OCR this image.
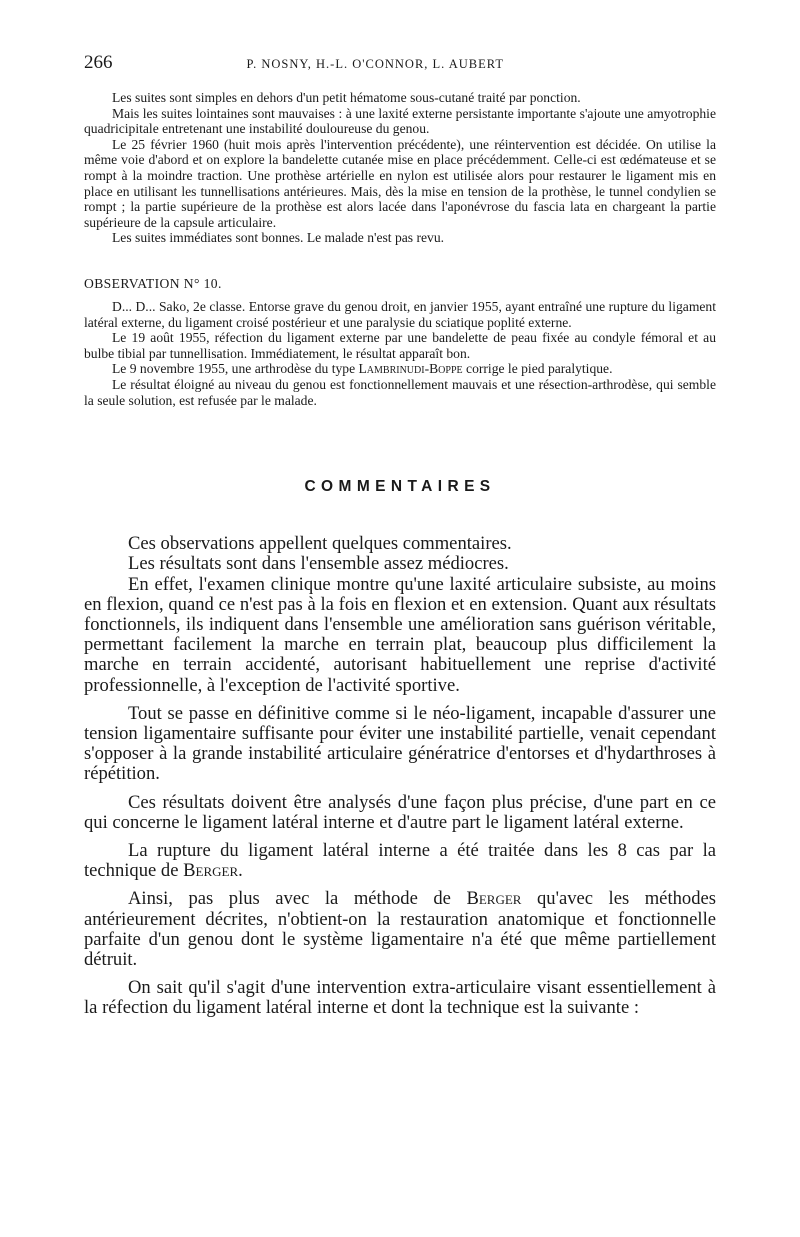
266	P. NOSNY, H.-L. O'CONNOR, L. AUBERT

Les suites sont simples en dehors d'un petit hématome sous-cutané traité par ponction.

Mais les suites lointaines sont mauvaises : à une laxité externe persistante importante s'ajoute une amyotrophie quadricipitale entretenant une instabilité douloureuse du genou.

Le 25 février 1960 (huit mois après l'intervention précédente), une réintervention est décidée. On utilise la même voie d'abord et on explore la bandelette cutanée mise en place précédemment. Celle-ci est œdémateuse et se rompt à la moindre traction. Une prothèse artérielle en nylon est utilisée alors pour restaurer le ligament mis en place en utilisant les tunnellisations antérieures. Mais, dès la mise en tension de la prothèse, le tunnel condylien se rompt ; la partie supérieure de la prothèse est alors lacée dans l'aponévrose du fascia lata en chargeant la partie supérieure de la capsule articulaire.

Les suites immédiates sont bonnes. Le malade n'est pas revu.

OBSERVATION N° 10.

D... D... Sako, 2e classe. Entorse grave du genou droit, en janvier 1955, ayant entraîné une rupture du ligament latéral externe, du ligament croisé postérieur et une paralysie du sciatique poplité externe.

Le 19 août 1955, réfection du ligament externe par une bandelette de peau fixée au condyle fémoral et au bulbe tibial par tunnellisation. Immédiatement, le résultat apparaît bon.

Le 9 novembre 1955, une arthrodèse du type Lambrinudi-Boppe corrige le pied paralytique.

Le résultat éloigné au niveau du genou est fonctionnellement mauvais et une résection-arthrodèse, qui semble la seule solution, est refusée par le malade.

COMMENTAIRES

Ces observations appellent quelques commentaires.

Les résultats sont dans l'ensemble assez médiocres.

En effet, l'examen clinique montre qu'une laxité articulaire subsiste, au moins en flexion, quand ce n'est pas à la fois en flexion et en extension. Quant aux résultats fonctionnels, ils indiquent dans l'ensemble une amélioration sans guérison véritable, permettant facilement la marche en terrain plat, beaucoup plus difficilement la marche en terrain accidenté, autorisant habituellement une reprise d'activité professionnelle, à l'exception de l'activité sportive.

Tout se passe en définitive comme si le néo-ligament, incapable d'assurer une tension ligamentaire suffisante pour éviter une instabilité partielle, venait cependant s'opposer à la grande instabilité articulaire génératrice d'entorses et d'hydarthroses à répétition.

Ces résultats doivent être analysés d'une façon plus précise, d'une part en ce qui concerne le ligament latéral interne et d'autre part le ligament latéral externe.

La rupture du ligament latéral interne a été traitée dans les 8 cas par la technique de Berger.

Ainsi, pas plus avec la méthode de Berger qu'avec les méthodes antérieurement décrites, n'obtient-on la restauration anatomique et fonctionnelle parfaite d'un genou dont le système ligamentaire n'a été que même partiellement détruit.

On sait qu'il s'agit d'une intervention extra-articulaire visant essentiellement à la réfection du ligament latéral interne et dont la technique est la suivante :
